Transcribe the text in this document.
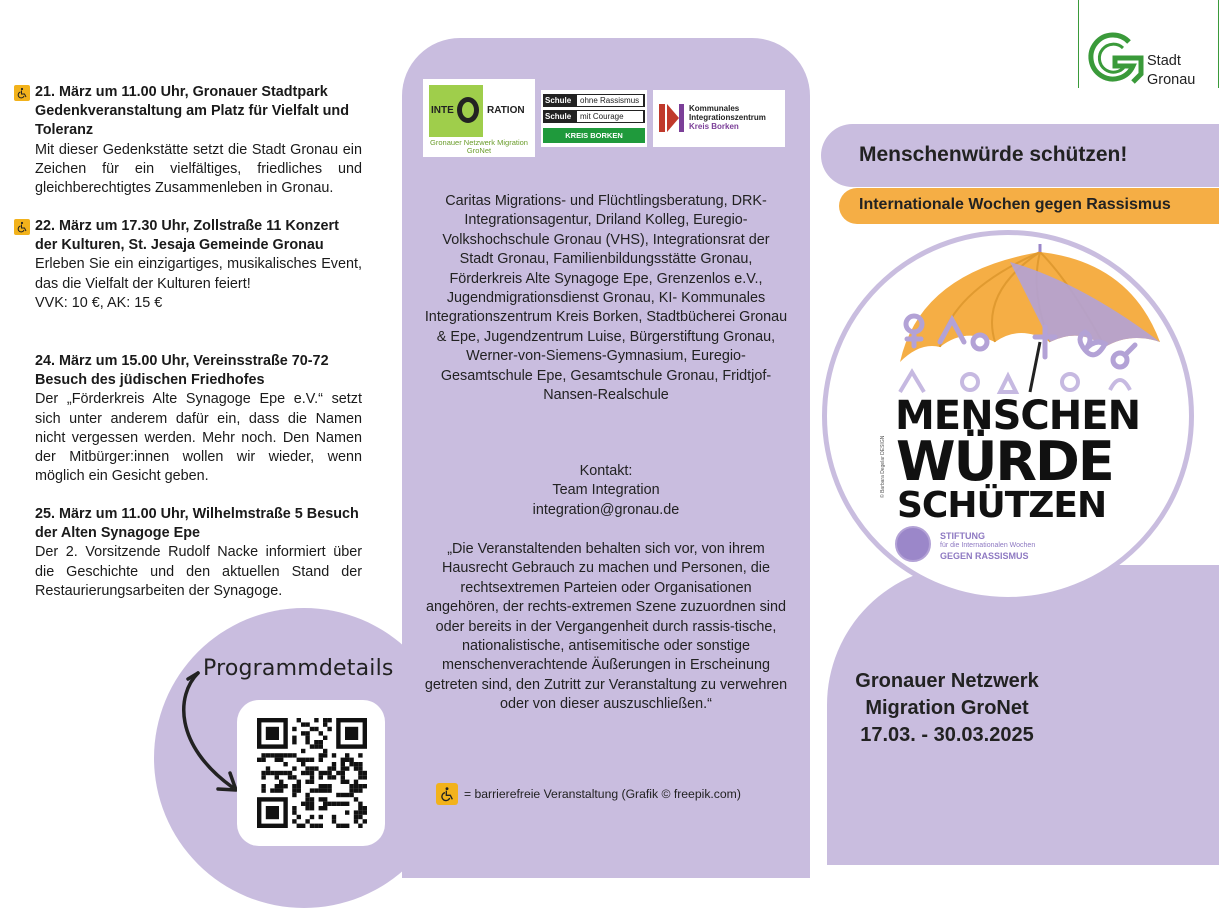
21. März um 11.00 Uhr, Gronauer Stadtpark Gedenkveranstaltung am Platz für Vielfalt und Toleranz
Mit dieser Gedenkstätte setzt die Stadt Gronau ein Zeichen für ein vielfältiges, friedliches und gleichberechtigtes Zusammenleben in Gronau.
22. März um 17.30 Uhr, Zollstraße 11 Konzert der Kulturen, St. Jesaja Gemeinde Gronau
Erleben Sie ein einzigartiges, musikalisches Event, das die Vielfalt der Kulturen feiert!
VVK: 10 €, AK: 15 €
24. März um 15.00 Uhr, Vereinsstraße 70-72 Besuch des jüdischen Friedhofes
Der „Förderkreis Alte Synagoge Epe e.V.“ setzt sich unter anderem dafür ein, dass die Namen nicht vergessen werden. Mehr noch. Den Namen der Mitbürger:innen wollen wir wieder, wenn möglich ein Gesicht geben.
25. März um 11.00 Uhr, Wilhelmstraße 5 Besuch der Alten Synagoge Epe
Der 2. Vorsitzende Rudolf Nacke informiert über die Geschichte und den aktuellen Stand der Restaurierungsarbeiten der Synagoge.
Programmdetails
INTE	RATION
Gronauer Netzwerk Migration GroNet
Schule ohne Rassismus
Schule mit Courage
KREIS BORKEN
Kommunales
Integrationszentrum
Kreis Borken
Caritas Migrations- und Flüchtlingsberatung, DRK-Integrationsagentur, Driland Kolleg, Euregio-Volkshochschule Gronau (VHS), Integrationsrat der Stadt Gronau, Familienbildungsstätte Gronau, Förderkreis Alte Synagoge Epe, Grenzenlos e.V., Jugendmigrationsdienst Gronau, KI- Kommunales Integrationszentrum Kreis Borken, Stadtbücherei Gronau & Epe, Jugendzentrum Luise, Bürgerstiftung Gronau, Werner-von-Siemens-Gymnasium, Euregio-Gesamtschule Epe, Gesamtschule Gronau, Fridtjof-Nansen-Realschule
Kontakt:
Team Integration
integration@gronau.de
„Die Veranstaltenden behalten sich vor, von ihrem Hausrecht Gebrauch zu machen und Personen, die rechtsextremen Parteien oder Organisationen angehören, der rechts-extremen Szene zuzuordnen sind oder bereits in der Vergangenheit durch rassis-tische, nationalistische, antisemitische oder sonstige menschenverachtende Äußerungen in Erscheinung getreten sind, den Zutritt zur Veranstaltung zu verwehren oder von dieser auszuschließen.“
= barrierefreie Veranstaltung (Grafik © freepik.com)
Stadt
Gronau
Menschenwürde schützen!
Internationale Wochen gegen Rassismus
MENSCHEN
WÜRDE
SCHÜTZEN
© Barbara Degelar DESIGN
STIFTUNG
für die Internationalen Wochen
GEGEN RASSISMUS
Gronauer Netzwerk
Migration GroNet
17.03. - 30.03.2025
